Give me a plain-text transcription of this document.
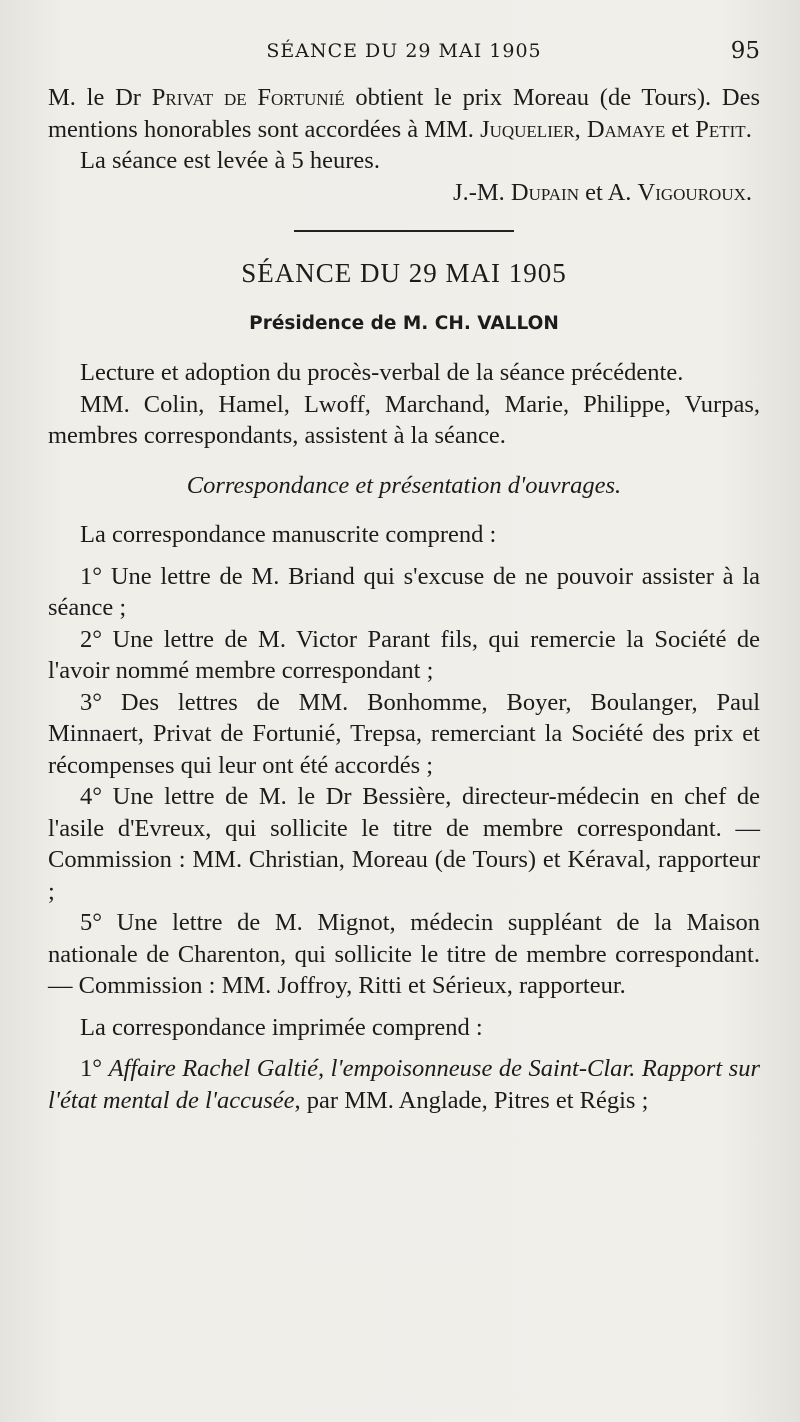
SÉANCE DU 29 MAI 1905	95

M. le Dr Privat de Fortunié obtient le prix Moreau (de Tours). Des mentions honorables sont accordées à MM. Juquelier, Damaye et Petit.

La séance est levée à 5 heures.

J.-M. Dupain et A. Vigouroux.

SÉANCE DU 29 MAI 1905
Présidence de M. CH. VALLON

Lecture et adoption du procès-verbal de la séance précédente.

MM. Colin, Hamel, Lwoff, Marchand, Marie, Philippe, Vurpas, membres correspondants, assistent à la séance.

Correspondance et présentation d'ouvrages.

La correspondance manuscrite comprend :

1° Une lettre de M. Briand qui s'excuse de ne pouvoir assister à la séance ;

2° Une lettre de M. Victor Parant fils, qui remercie la Société de l'avoir nommé membre correspondant ;

3° Des lettres de MM. Bonhomme, Boyer, Boulanger, Paul Minnaert, Privat de Fortunié, Trepsa, remerciant la Société des prix et récompenses qui leur ont été accordés ;

4° Une lettre de M. le Dr Bessière, directeur-médecin en chef de l'asile d'Evreux, qui sollicite le titre de membre correspondant. — Commission : MM. Christian, Moreau (de Tours) et Kéraval, rapporteur ;

5° Une lettre de M. Mignot, médecin suppléant de la Maison nationale de Charenton, qui sollicite le titre de membre correspondant. — Commission : MM. Joffroy, Ritti et Sérieux, rapporteur.

La correspondance imprimée comprend :

1° Affaire Rachel Galtié, l'empoisonneuse de Saint-Clar. Rapport sur l'état mental de l'accusée, par MM. Anglade, Pitres et Régis ;
